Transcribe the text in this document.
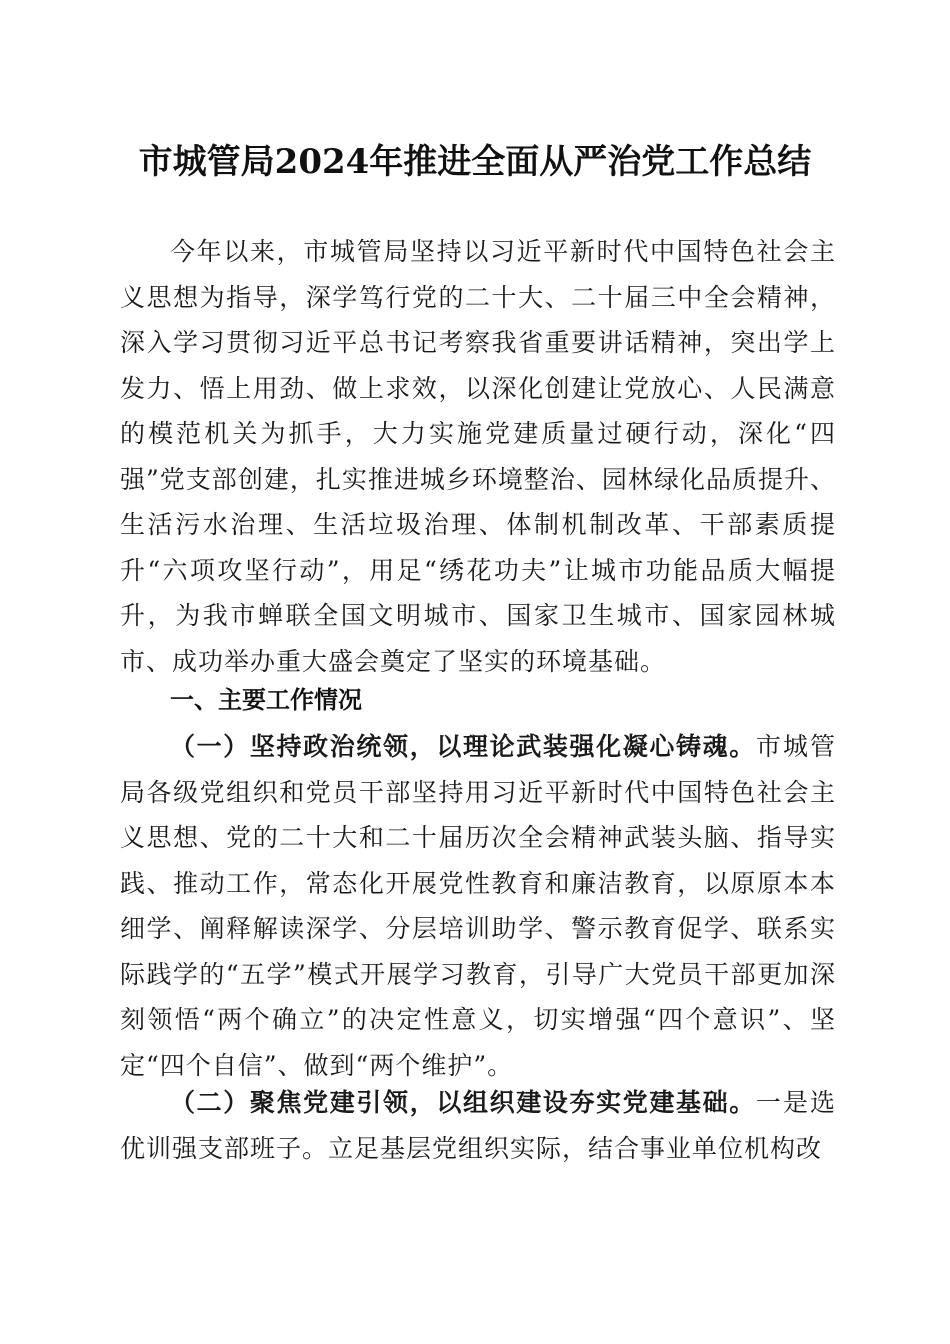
市城管局2024年推进全面从严治党工作总结

今年以来，市城管局坚持以习近平新时代中国特色社会主义思想为指导，深学笃行党的二十大、二十届三中全会精神，深入学习贯彻习近平总书记考察我省重要讲话精神，突出学上发力、悟上用劲、做上求效，以深化创建让党放心、人民满意的模范机关为抓手，大力实施党建质量过硬行动，深化“四强”党支部创建，扎实推进城乡环境整治、园林绿化品质提升、生活污水治理、生活垃圾治理、体制机制改革、干部素质提升“六项攻坚行动”，用足“绣花功夫”让城市功能品质大幅提升，为我市蝉联全国文明城市、国家卫生城市、国家园林城市、成功举办重大盛会奠定了坚实的环境基础。

一、主要工作情况

（一）坚持政治统领，以理论武装强化凝心铸魂。市城管局各级党组织和党员干部坚持用习近平新时代中国特色社会主义思想、党的二十大和二十届历次全会精神武装头脑、指导实践、推动工作，常态化开展党性教育和廉洁教育，以原原本本细学、阐释解读深学、分层培训助学、警示教育促学、联系实际践学的“五学”模式开展学习教育，引导广大党员干部更加深刻领悟“两个确立”的决定性意义，切实增强“四个意识”、坚定“四个自信”、做到“两个维护”。

（二）聚焦党建引领，以组织建设夯实党建基础。一是选优训强支部班子。立足基层党组织实际，结合事业单位机构改
